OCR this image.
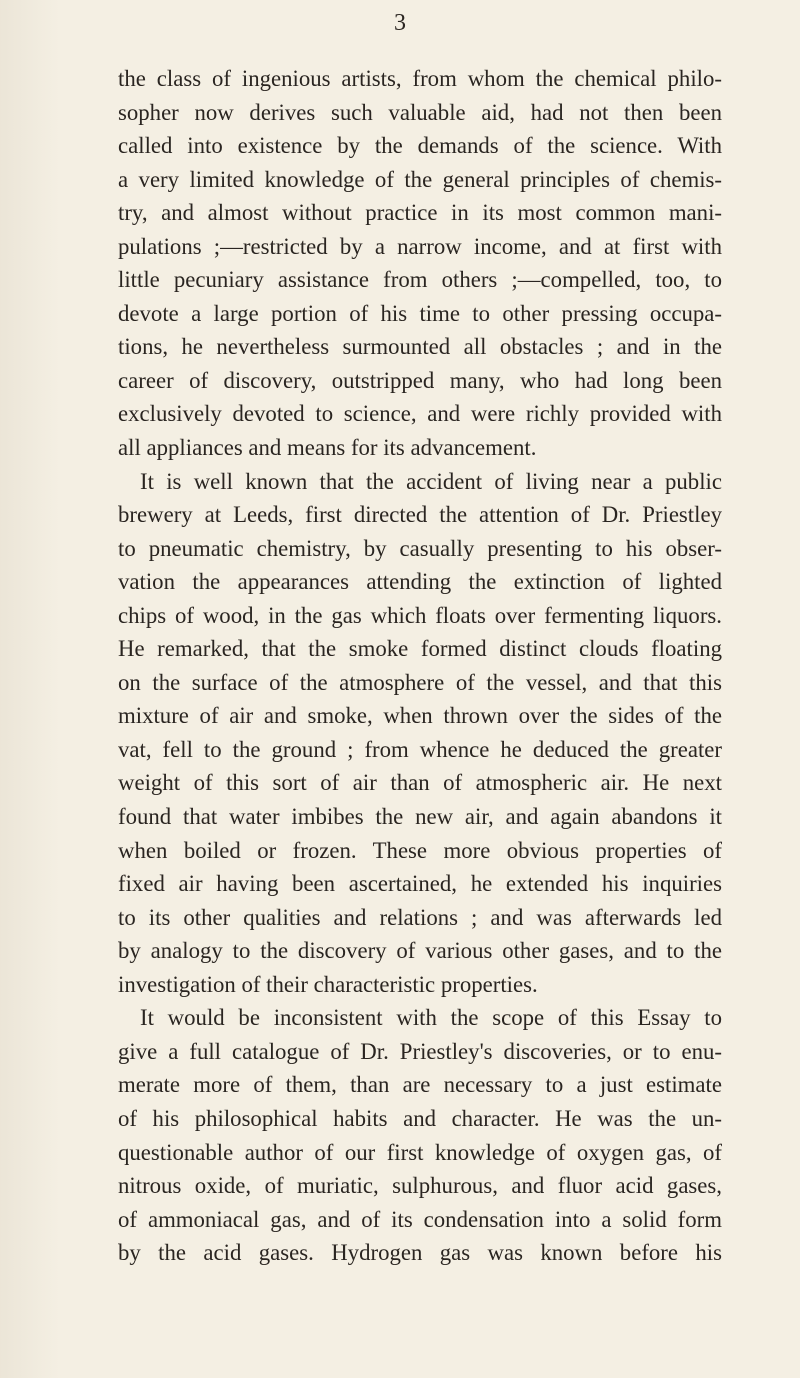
3
the class of ingenious artists, from whom the chemical philo-
sopher now derives such valuable aid, had not then been
called into existence by the demands of the science. With
a very limited knowledge of the general principles of chemis-
try, and almost without practice in its most common mani-
pulations ;—restricted by a narrow income, and at first with
little pecuniary assistance from others ;—compelled, too, to
devote a large portion of his time to other pressing occupa-
tions, he nevertheless surmounted all obstacles ; and in the
career of discovery, outstripped many, who had long been
exclusively devoted to science, and were richly provided with
all appliances and means for its advancement.
It is well known that the accident of living near a public
brewery at Leeds, first directed the attention of Dr. Priestley
to pneumatic chemistry, by casually presenting to his obser-
vation the appearances attending the extinction of lighted
chips of wood, in the gas which floats over fermenting liquors.
He remarked, that the smoke formed distinct clouds floating
on the surface of the atmosphere of the vessel, and that this
mixture of air and smoke, when thrown over the sides of the
vat, fell to the ground ; from whence he deduced the greater
weight of this sort of air than of atmospheric air. He next
found that water imbibes the new air, and again abandons it
when boiled or frozen. These more obvious properties of
fixed air having been ascertained, he extended his inquiries
to its other qualities and relations ; and was afterwards led
by analogy to the discovery of various other gases, and to the
investigation of their characteristic properties.
It would be inconsistent with the scope of this Essay to
give a full catalogue of Dr. Priestley's discoveries, or to enu-
merate more of them, than are necessary to a just estimate
of his philosophical habits and character. He was the un-
questionable author of our first knowledge of oxygen gas, of
nitrous oxide, of muriatic, sulphurous, and fluor acid gases,
of ammoniacal gas, and of its condensation into a solid form
by the acid gases. Hydrogen gas was known before his
